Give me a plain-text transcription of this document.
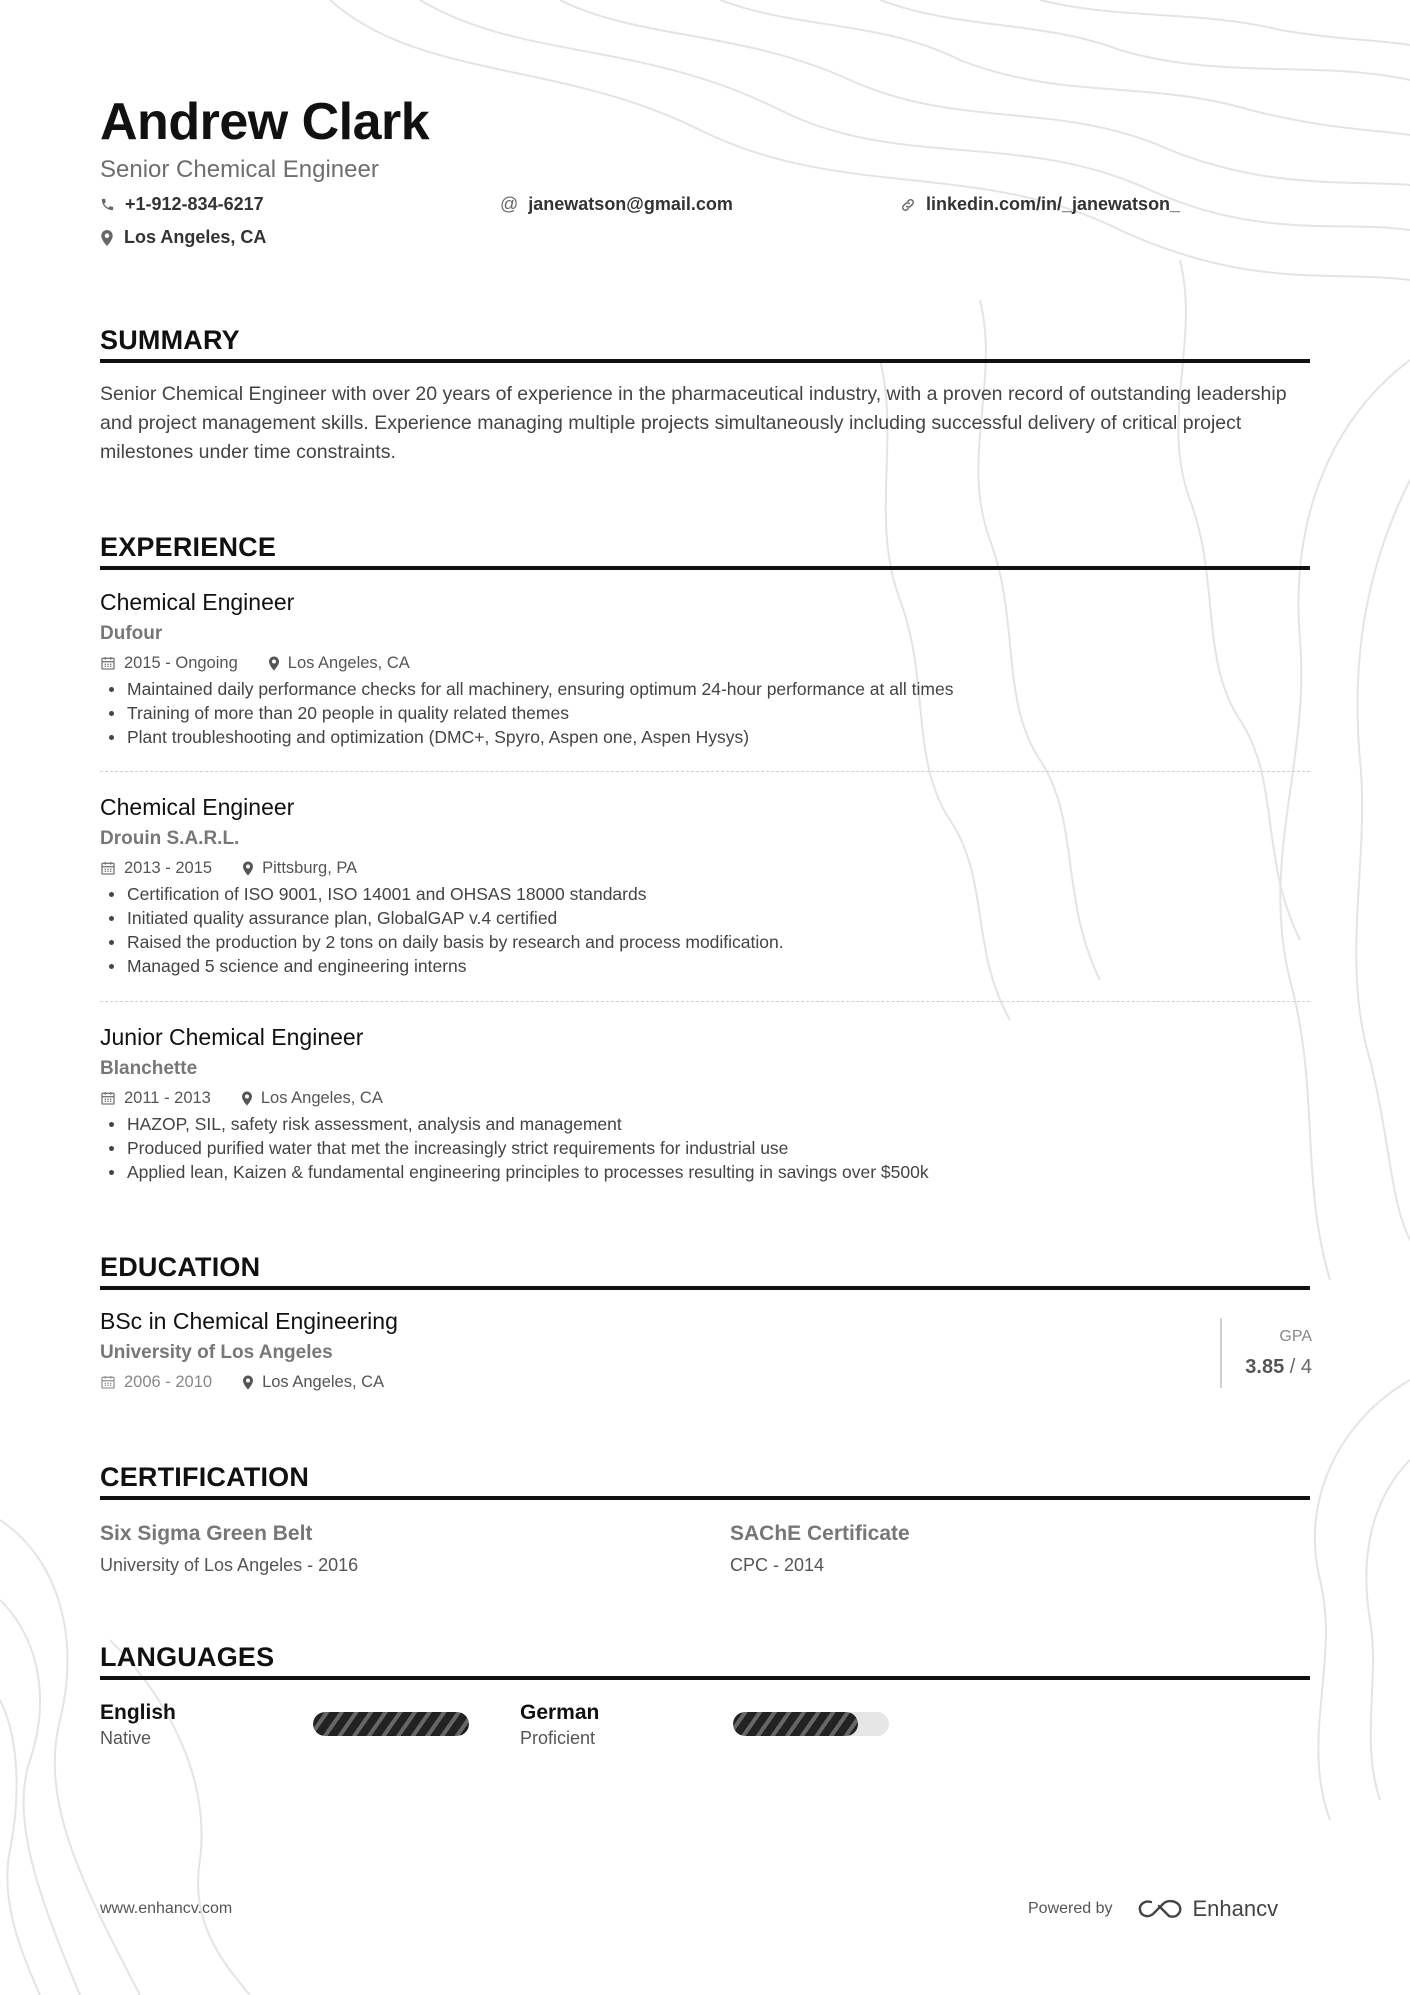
Andrew Clark
Senior Chemical Engineer
+1-912-834-6217	@ janewatson@gmail.com	linkedin.com/in/_janewatson_
Los Angeles, CA
SUMMARY

Senior Chemical Engineer with over 20 years of experience in the pharmaceutical industry, with a proven record of outstanding leadership and project management skills. Experience managing multiple projects simultaneously including successful delivery of critical project milestones under time constraints.

EXPERIENCE
Chemical Engineer
Dufour
2015 - Ongoing	Los Angeles, CA
Maintained daily performance checks for all machinery, ensuring optimum 24-hour performance at all times
Training of more than 20 people in quality related themes
Plant troubleshooting and optimization (DMC+, Spyro, Aspen one, Aspen Hysys)
Chemical Engineer
Drouin S.A.R.L.
2013 - 2015	Pittsburg, PA
Certification of ISO 9001, ISO 14001 and OHSAS 18000 standards
Initiated quality assurance plan, GlobalGAP v.4 certified
Raised the production by 2 tons on daily basis by research and process modification.
Managed 5 science and engineering interns
Junior Chemical Engineer
Blanchette
2011 - 2013	Los Angeles, CA
HAZOP, SIL, safety risk assessment, analysis and management
Produced purified water that met the increasingly strict requirements for industrial use
Applied lean, Kaizen & fundamental engineering principles to processes resulting in savings over $500k
EDUCATION
BSc in Chemical Engineering
University of Los Angeles
2006 - 2010	Los Angeles, CA
GPA
3.85 / 4
CERTIFICATION
Six Sigma Green Belt
University of Los Angeles - 2016
SAChE Certificate
CPC - 2014
LANGUAGES
English
Native
German
Proficient
www.enhancv.com	Powered by	Enhancv
